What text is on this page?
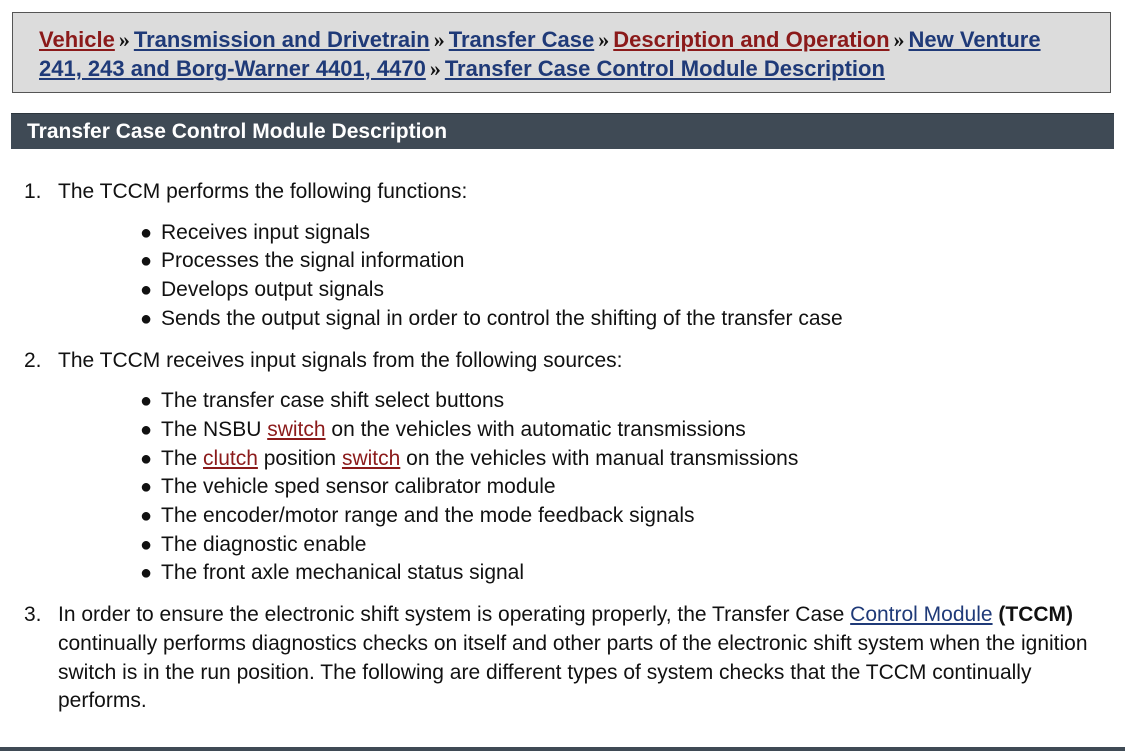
Vehicle » Transmission and Drivetrain » Transfer Case » Description and Operation » New Venture 241, 243 and Borg-Warner 4401, 4470 » Transfer Case Control Module Description
Transfer Case Control Module Description
1. The TCCM performs the following functions:
● Receives input signals
● Processes the signal information
● Develops output signals
● Sends the output signal in order to control the shifting of the transfer case
2. The TCCM receives input signals from the following sources:
● The transfer case shift select buttons
● The NSBU switch on the vehicles with automatic transmissions
● The clutch position switch on the vehicles with manual transmissions
● The vehicle sped sensor calibrator module
● The encoder/motor range and the mode feedback signals
● The diagnostic enable
● The front axle mechanical status signal
3. In order to ensure the electronic shift system is operating properly, the Transfer Case Control Module (TCCM) continually performs diagnostics checks on itself and other parts of the electronic shift system when the ignition switch is in the run position. The following are different types of system checks that the TCCM continually performs.
